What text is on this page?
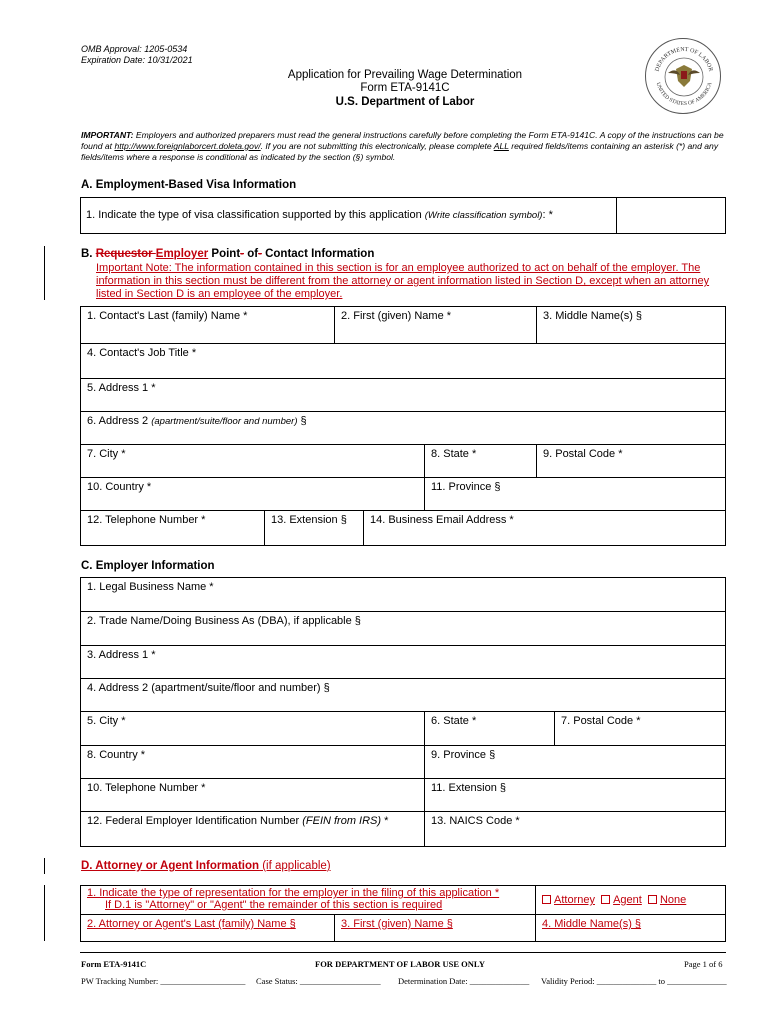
OMB Approval: 1205-0534
Expiration Date: 10/31/2021
Application for Prevailing Wage Determination
Form ETA-9141C
U.S. Department of Labor
DEPARTMENT OF LABOR
UNITED STATES OF AMERICA
IMPORTANT: Employers and authorized preparers must read the general instructions carefully before completing the Form ETA-9141C. A copy of the instructions can be found at http://www.foreignlaborcert.doleta.gov/. If you are not submitting this electronically, please complete ALL required fields/items containing an asterisk (*) and any fields/items where a response is conditional as indicated by the section (§) symbol.
A. Employment-Based Visa Information
1. Indicate the type of visa classification supported by this application (Write classification symbol): *
B. Requestor Employer Point- of- Contact Information
Important Note: The information contained in this section is for an employee authorized to act on behalf of the employer. The information in this section must be different from the attorney or agent information listed in Section D, except when an attorney listed in Section D is an employee of the employer.
1. Contact's Last (family) Name *	2. First (given) Name *	3. Middle Name(s) §
4. Contact's Job Title *
5. Address 1 *
6. Address 2 (apartment/suite/floor and number) §
7. City *	8. State *	9. Postal Code *
10. Country *	11. Province §
12. Telephone Number *	13. Extension §	14. Business Email Address *
C. Employer Information
1. Legal Business Name *
2. Trade Name/Doing Business As (DBA), if applicable §
3. Address 1 *
4. Address 2 (apartment/suite/floor and number) §
5. City *	6. State *	7. Postal Code *
8. Country *	9. Province §
10. Telephone Number *	11. Extension §
12. Federal Employer Identification Number (FEIN from IRS) *	13. NAICS Code *
D. Attorney or Agent Information (if applicable)
1. Indicate the type of representation for the employer in the filing of this application *
If D.1 is "Attorney" or "Agent" the remainder of this section is required	Attorney Agent None
2. Attorney or Agent's Last (family) Name §	3. First (given) Name §	4. Middle Name(s) §
Form ETA-9141C	FOR DEPARTMENT OF LABOR USE ONLY	Page 1 of 6
PW Tracking Number: ____________________ Case Status: ___________________ Determination Date: ______________ Validity Period: ______________ to ______________
